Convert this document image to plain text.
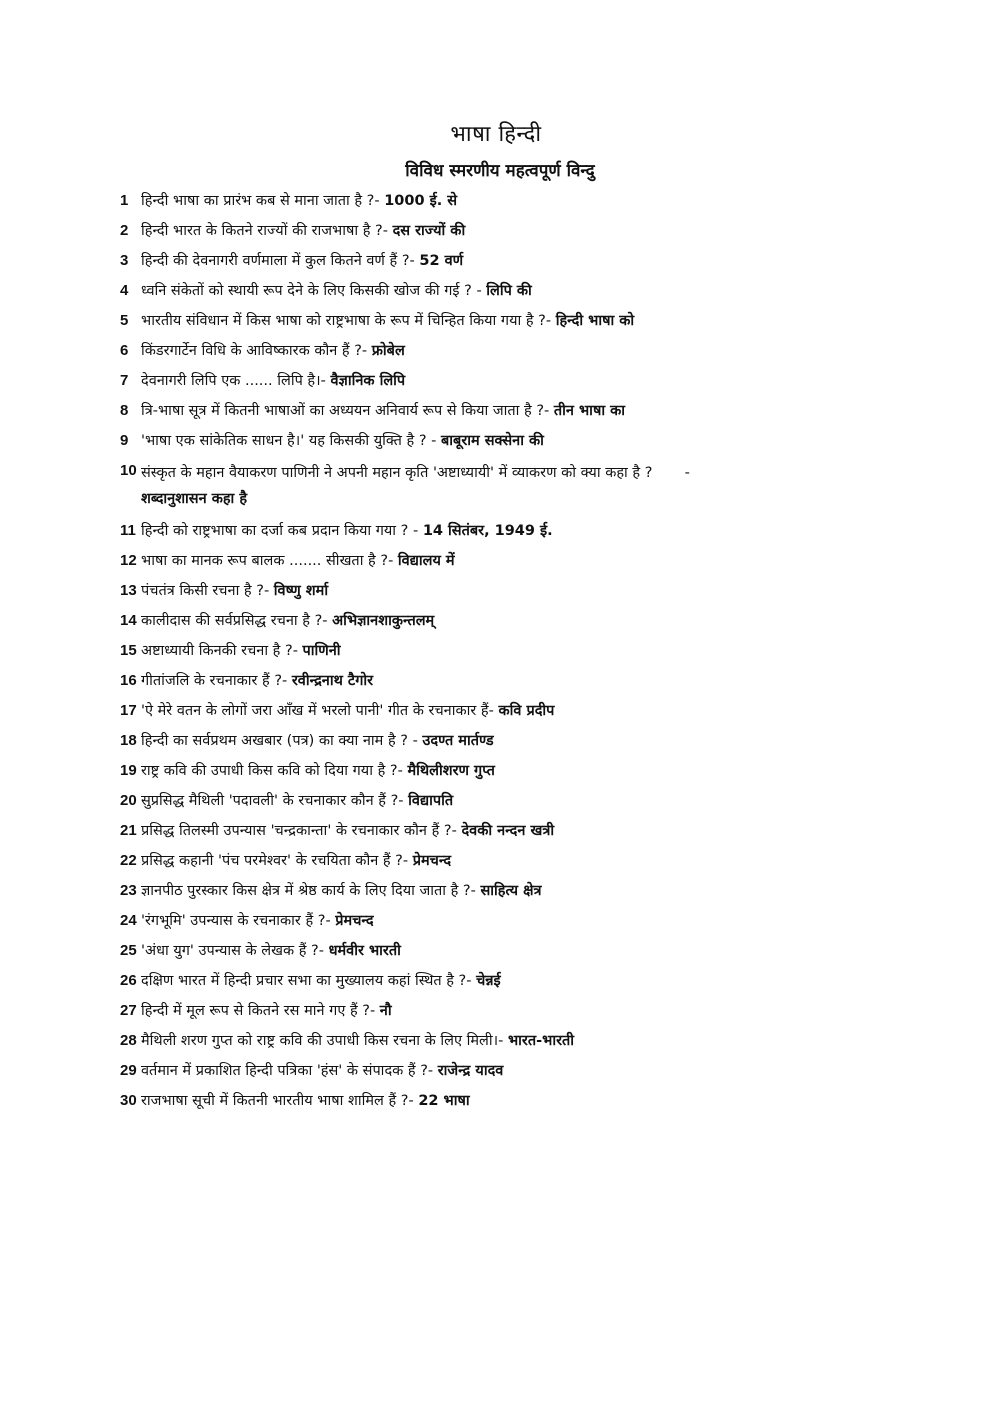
भाषा हिन्दी
विविध स्मरणीय महत्वपूर्ण विन्दु
1 हिन्दी भाषा का प्रारंभ कब से माना जाता है ?- 1000 ई. से
2 हिन्दी भारत के कितने राज्यों की राजभाषा है ?- दस राज्यों की
3 हिन्दी की देवनागरी वर्णमाला में कुल कितने वर्ण हैं ?- 52 वर्ण
4 ध्वनि संकेतों को स्थायी रूप देने के लिए किसकी खोज की गई ? - लिपि की
5 भारतीय संविधान में किस भाषा को राष्ट्रभाषा के रूप में चिन्हित किया गया है ?- हिन्दी भाषा को
6 किंडरगार्टेन विधि के आविष्कारक कौन हैं ?- फ्रोबेल
7 देवनागरी लिपि एक ...... लिपि है।- वैज्ञानिक लिपि
8 त्रि-भाषा सूत्र में कितनी भाषाओं का अध्ययन अनिवार्य रूप से किया जाता है ?- तीन भाषा का
9 'भाषा एक सांकेतिक साधन है।' यह किसकी युक्ति है ? - बाबूराम सक्सेना की
10 संस्कृत के महान वैयाकरण पाणिनी ने अपनी महान कृति 'अष्टाध्यायी' में व्याकरण को क्या कहा है ?       -
शब्दानुशासन कहा है
11 हिन्दी को राष्ट्रभाषा का दर्जा कब प्रदान किया गया ? - 14 सितंबर, 1949 ई.
12 भाषा का मानक रूप बालक ....... सीखता है ?- विद्यालय में
13 पंचतंत्र किसी रचना है ?- विष्णु शर्मा
14 कालीदास की सर्वप्रसिद्ध रचना है ?- अभिज्ञानशाकुन्तलम्
15 अष्टाध्यायी किनकी रचना है ?- पाणिनी
16 गीतांजलि के रचनाकार हैं ?- रवीन्द्रनाथ टैगोर
17 'ऐ मेरे वतन के लोगों जरा आँख में भरलो पानी' गीत के रचनाकार हैं- कवि प्रदीप
18 हिन्दी का सर्वप्रथम अखबार (पत्र) का क्या नाम है ? - उदण्त मार्तण्ड
19 राष्ट्र कवि की उपाधी किस कवि को दिया गया है ?- मैथिलीशरण गुप्त
20 सुप्रसिद्ध मैथिली 'पदावली' के रचनाकार कौन हैं ?- विद्यापति
21 प्रसिद्ध तिलस्मी उपन्यास 'चन्द्रकान्ता' के रचनाकार कौन हैं ?- देवकी नन्दन खत्री
22 प्रसिद्ध कहानी 'पंच परमेश्वर' के रचयिता कौन हैं ?- प्रेमचन्द
23 ज्ञानपीठ पुरस्कार किस क्षेत्र में श्रेष्ठ कार्य के लिए दिया जाता है ?- साहित्य क्षेत्र
24 'रंगभूमि' उपन्यास के रचनाकार हैं ?- प्रेमचन्द
25 'अंधा युग' उपन्यास के लेखक हैं ?- धर्मवीर भारती
26 दक्षिण भारत में हिन्दी प्रचार सभा का मुख्यालय कहां स्थित है ?- चेन्नई
27 हिन्दी में मूल रूप से कितने रस माने गए हैं ?- नौ
28 मैथिली शरण गुप्त को राष्ट्र कवि की उपाधी किस रचना के लिए मिली।- भारत-भारती
29 वर्तमान में प्रकाशित हिन्दी पत्रिका 'हंस' के संपादक हैं ?- राजेन्द्र यादव
30 राजभाषा सूची में कितनी भारतीय भाषा शामिल हैं ?- 22 भाषा
